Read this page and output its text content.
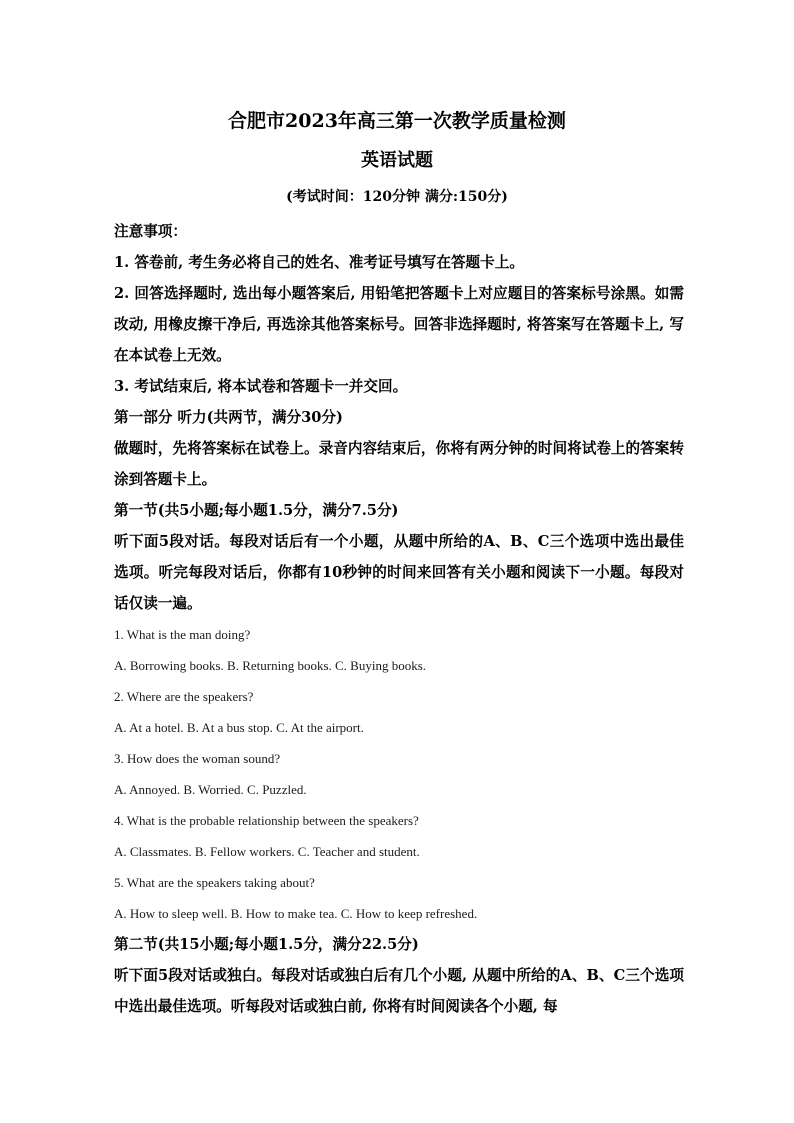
合肥市2023年高三第一次教学质量检测
英语试题
(考试时间：120分钟 满分:150分)

注意事项：

1. 答卷前, 考生务必将自己的姓名、准考证号填写在答题卡上。

2. 回答选择题时, 选出每小题答案后, 用铅笔把答题卡上对应题目的答案标号涂黑。如需改动, 用橡皮擦干净后, 再选涂其他答案标号。回答非选择题时, 将答案写在答题卡上, 写在本试卷上无效。

3. 考试结束后, 将本试卷和答题卡一并交回。

第一部分 听力(共两节，满分30分)

做题时，先将答案标在试卷上。录音内容结束后，你将有两分钟的时间将试卷上的答案转涂到答题卡上。

第一节(共5小题;每小题1.5分，满分7.5分)

听下面5段对话。每段对话后有一个小题，从题中所给的A、B、C三个选项中选出最佳选项。听完每段对话后，你都有10秒钟的时间来回答有关小题和阅读下一小题。每段对话仅读一遍。

1. What is the man doing?

A. Borrowing books. B. Returning books. C. Buying books.

2. Where are the speakers?

A. At a hotel. B. At a bus stop. C. At the airport.

3. How does the woman sound?

A. Annoyed. B. Worried. C. Puzzled.

4. What is the probable relationship between the speakers?

A. Classmates. B. Fellow workers. C. Teacher and student.

5. What are the speakers taking about?

A. How to sleep well. B. How to make tea. C. How to keep refreshed.

第二节(共15小题;每小题1.5分，满分22.5分)

听下面5段对话或独白。每段对话或独白后有几个小题, 从题中所给的A、B、C三个选项中选出最佳选项。听每段对话或独白前, 你将有时间阅读各个小题, 每
